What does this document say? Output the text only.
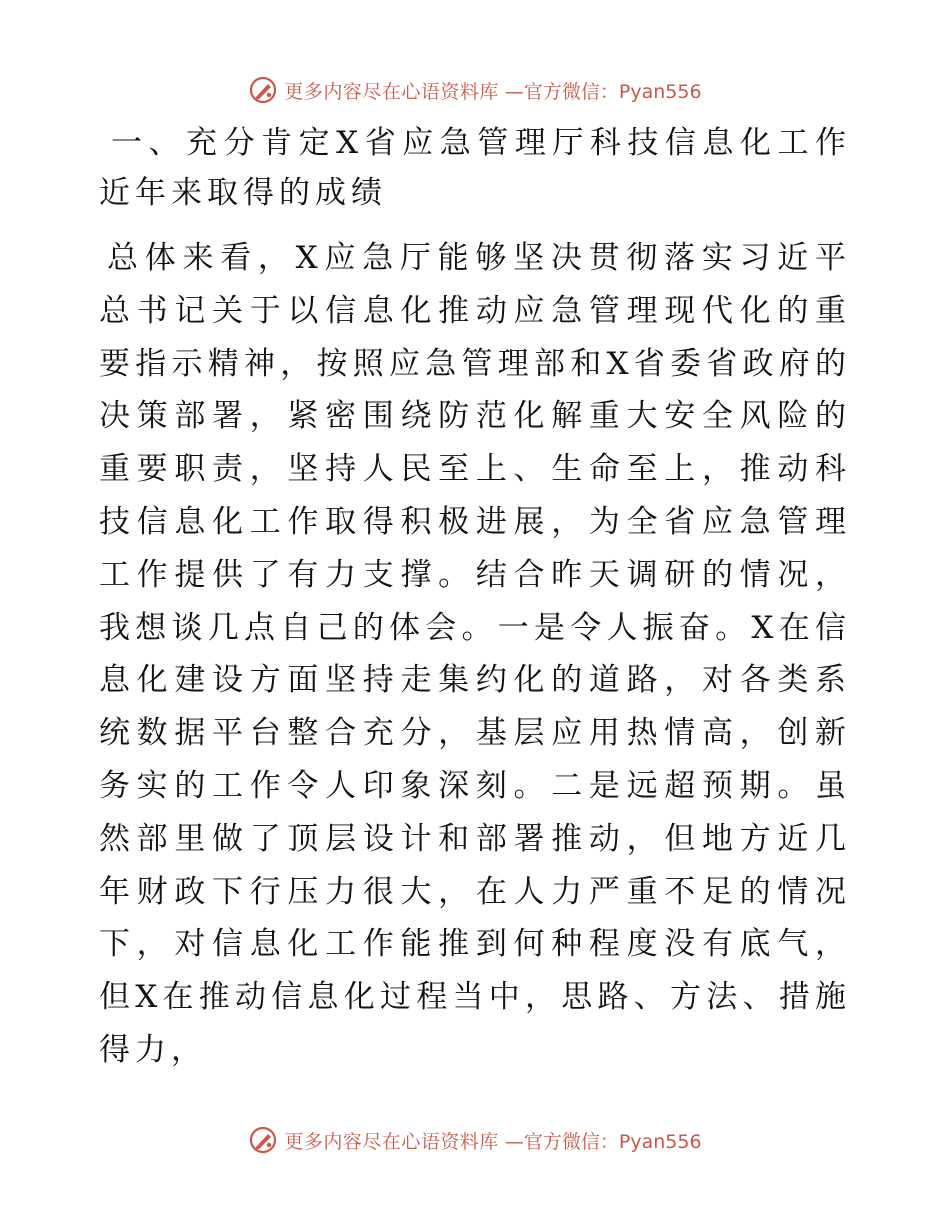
更多内容尽在心语资料库 —官方微信：Pyan556

一、充分肯定X省应急管理厅科技信息化工作近年来取得的成绩

总体来看，X应急厅能够坚决贯彻落实习近平总书记关于以信息化推动应急管理现代化的重要指示精神，按照应急管理部和X省委省政府的决策部署，紧密围绕防范化解重大安全风险的重要职责，坚持人民至上、生命至上，推动科技信息化工作取得积极进展，为全省应急管理工作提供了有力支撑。结合昨天调研的情况，我想谈几点自己的体会。一是令人振奋。X在信息化建设方面坚持走集约化的道路，对各类系统数据平台整合充分，基层应用热情高，创新务实的工作令人印象深刻。二是远超预期。虽然部里做了顶层设计和部署推动，但地方近几年财政下行压力很大，在人力严重不足的情况下，对信息化工作能推到何种程度没有底气，但X在推动信息化过程当中，思路、方法、措施得力，

更多内容尽在心语资料库 —官方微信：Pyan556
